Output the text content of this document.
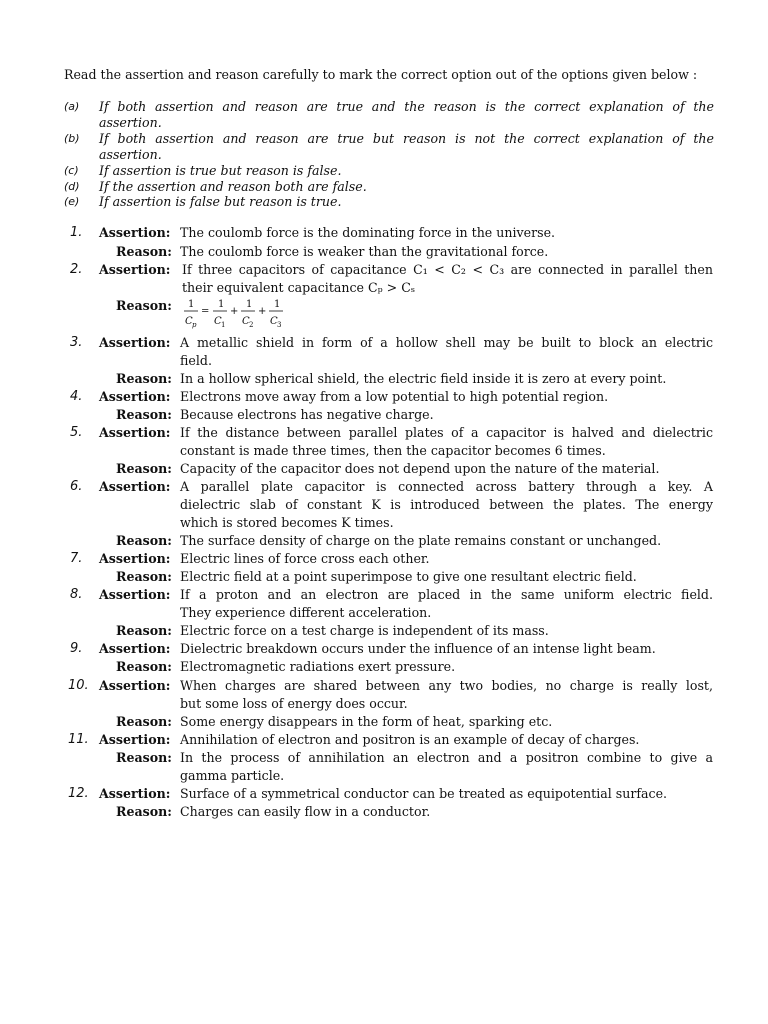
Read the assertion and reason carefully to mark the correct option out of the options given below :
(a) If both assertion and reason are true and the reason is the correct explanation of the
assertion.
(b) If both assertion and reason are true but reason is not the correct explanation of the
assertion.
(c) If assertion is true but reason is false.
(d) If the assertion and reason both are false.
(e) If assertion is false but reason is true.
1. Assertion: The coulomb force is the dominating force in the universe.
Reason: The coulomb force is weaker than the gravitational force.
2. Assertion: If three capacitors of capacitance C₁ < C₂ < C₃ are connected in parallel then
their equivalent capacitance Cₚ > Cₛ
Reason: 1
C p
=
1
C 1
+
1
C 2
+
1
C 3
3. Assertion: A metallic shield in form of a hollow shell may be built to block an electric
field.
Reason: In a hollow spherical shield, the electric field inside it is zero at every point.
4. Assertion: Electrons move away from a low potential to high potential region.
Reason: Because electrons has negative charge.
5. Assertion: If the distance between parallel plates of a capacitor is halved and dielectric
constant is made three times, then the capacitor becomes 6 times.
Reason: Capacity of the capacitor does not depend upon the nature of the material.
6. Assertion: A parallel plate capacitor is connected across battery through a key. A
dielectric slab of constant K is introduced between the plates. The energy
which is stored becomes K times.
Reason: The surface density of charge on the plate remains constant or unchanged.
7. Assertion: Electric lines of force cross each other.
Reason: Electric field at a point superimpose to give one resultant electric field.
8. Assertion: If a proton and an electron are placed in the same uniform electric field.
They experience different acceleration.
Reason: Electric force on a test charge is independent of its mass.
9. Assertion: Dielectric breakdown occurs under the influence of an intense light beam.
Reason: Electromagnetic radiations exert pressure.
10. Assertion: When charges are shared between any two bodies, no charge is really lost,
but some loss of energy does occur.
Reason: Some energy disappears in the form of heat, sparking etc.
11. Assertion: Annihilation of electron and positron is an example of decay of charges.
Reason: In the process of annihilation an electron and a positron combine to give a
gamma particle.
12. Assertion: Surface of a symmetrical conductor can be treated as equipotential surface.
Reason: Charges can easily flow in a conductor.
